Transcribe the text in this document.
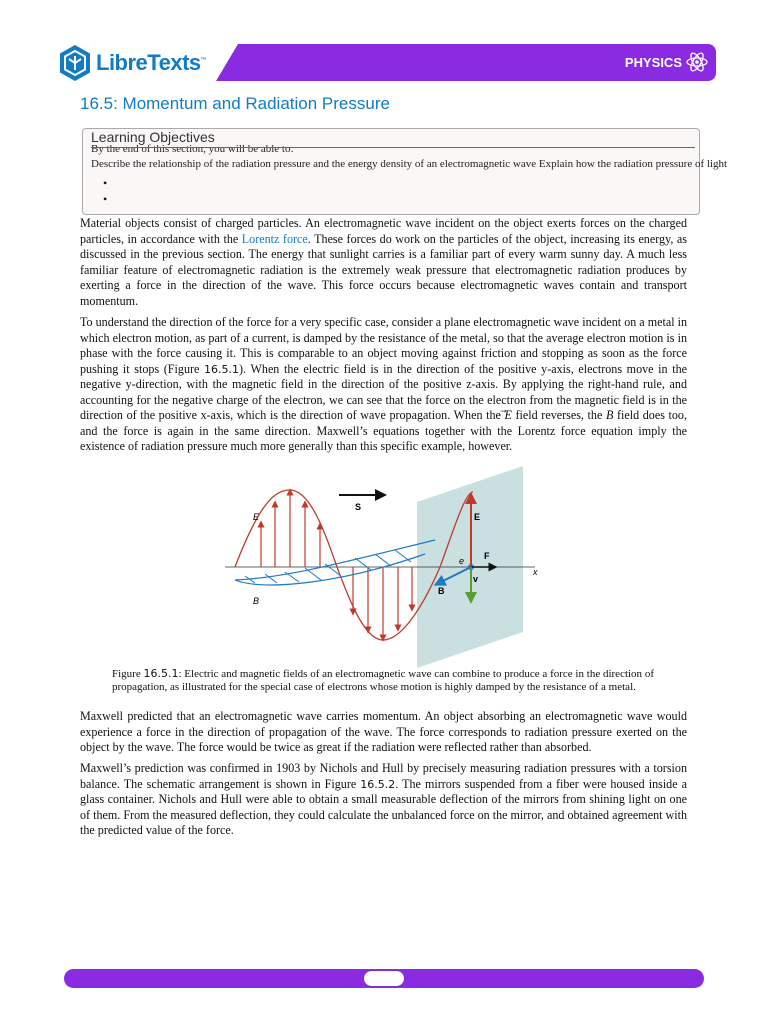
LibreTexts™	PHYSICS
16.5: Momentum and Radiation Pressure
Learning Objectives
By the end of this section, you will be able to:
Describe the relationship of the radiation pressure and the energy density of an electromagnetic wave Explain how the radiation pressure of light
•
•

Material objects consist of charged particles. An electromagnetic wave incident on the object exerts forces on the charged particles, in accordance with the Lorentz force. These forces do work on the particles of the object, increasing its energy, as discussed in the previous section. The energy that sunlight carries is a familiar part of every warm sunny day. A much less familiar feature of electromagnetic radiation is the extremely weak pressure that electromagnetic radiation produces by exerting a force in the direction of the wave. This force occurs because electromagnetic waves contain and transport momentum.

To understand the direction of the force for a very specific case, consider a plane electromagnetic wave incident on a metal in which electron motion, as part of a current, is damped by the resistance of the metal, so that the average electron motion is in phase with the force causing it. This is comparable to an object moving against friction and stopping as soon as the force pushing it stops (Figure 16.5.1). When the electric field is in the direction of the positive y-axis, electrons move in the negative y-direction, with the magnetic field in the direction of the positive z-axis. By applying the right-hand rule, and accounting for the negative charge of the electron, we can see that the force on the electron from the magnetic field is in the direction of the positive x-axis, which is the direction of wave propagation. When the E field reverses, the B field does too, and the force is again in the same direction. Maxwell’s equations together with the Lorentz force equation imply the existence of radiation pressure much more generally than this specific example, however.

S
E
B
E
F
v
B
e
x
Figure 16.5.1: Electric and magnetic fields of an electromagnetic wave can combine to produce a force in the direction of propagation, as illustrated for the special case of electrons whose motion is highly damped by the resistance of a metal.

Maxwell predicted that an electromagnetic wave carries momentum. An object absorbing an electromagnetic wave would experience a force in the direction of propagation of the wave. The force corresponds to radiation pressure exerted on the object by the wave. The force would be twice as great if the radiation were reflected rather than absorbed.

Maxwell’s prediction was confirmed in 1903 by Nichols and Hull by precisely measuring radiation pressures with a torsion balance. The schematic arrangement is shown in Figure 16.5.2. The mirrors suspended from a fiber were housed inside a glass container. Nichols and Hull were able to obtain a small measurable deflection of the mirrors from shining light on one of them. From the measured deflection, they could calculate the unbalanced force on the mirror, and obtained agreement with the predicted value of the force.
